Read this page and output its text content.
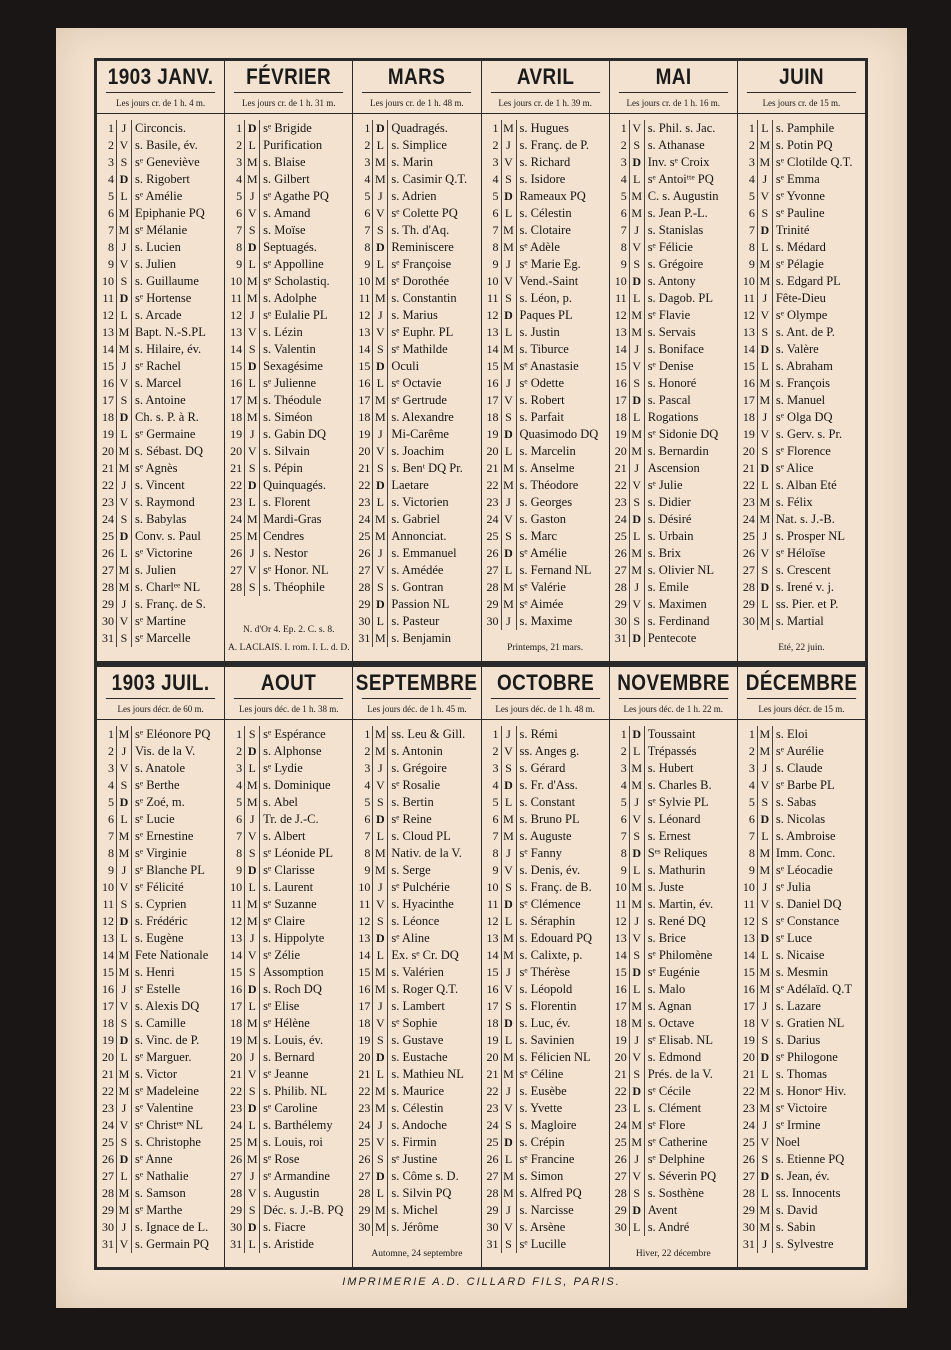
1903 JANV.
Les jours cr. de 1 h. 4 m.
1 J Circoncis.
2 V s. Basile, év.
3 S sᵉ Geneviève
4 D s. Rigobert
5 L sᵉ Amélie
6 M Epiphanie PQ
7 M sᵉ Mélanie
8 J s. Lucien
9 V s. Julien
10 S s. Guillaume
11 D sᵉ Hortense
12 L s. Arcade
13 M Bapt. N.-S.PL
14 M s. Hilaire, év.
15 J sᵉ Rachel
16 V s. Marcel
17 S s. Antoine
18 D Ch. s. P. à R.
19 L sᵉ Germaine
20 M s. Sébast. DQ
21 M sᵉ Agnès
22 J s. Vincent
23 V s. Raymond
24 S s. Babylas
25 D Conv. s. Paul
26 L sᵉ Victorine
27 M s. Julien
28 M s. Charlᵉᵉ NL
29 J s. Franç. de S.
30 V sᵉ Martine
31 S sᵉ Marcelle
FÉVRIER
Les jours cr. de 1 h. 31 m.
1 D sᵉ Brigide
2 L Purification
3 M s. Blaise
4 M s. Gilbert
5 J sᵉ Agathe PQ
6 V s. Amand
7 S s. Moïse
8 D Septuagés.
9 L sᵉ Appolline
10 M sᵉ Scholastiq.
11 M s. Adolphe
12 J sᵉ Eulalie PL
13 V s. Lézin
14 S s. Valentin
15 D Sexagésime
16 L sᵉ Julienne
17 M s. Théodule
18 M s. Siméon
19 J s. Gabin DQ
20 V s. Silvain
21 S s. Pépin
22 D Quinquagés.
23 L s. Florent
24 M Mardi-Gras
25 M Cendres
26 J s. Nestor
27 V sᵉ Honor. NL
28 S s. Théophile
N. d'Or 4. Ep. 2. C. s. 8.
A. LACLAIS. I. rom. I. L. d. D.
MARS
Les jours cr. de 1 h. 48 m.
1 D Quadragés.
2 L s. Simplice
3 M s. Marin
4 M s. Casimir Q.T.
5 J s. Adrien
6 V sᵉ Colette PQ
7 S s. Th. d'Aq.
8 D Reminiscere
9 L sᵉ Françoise
10 M sᵉ Dorothée
11 M s. Constantin
12 J s. Marius
13 V sᵉ Euphr. PL
14 S sᵉ Mathilde
15 D Oculi
16 L sᵉ Octavie
17 M sᵉ Gertrude
18 M s. Alexandre
19 J Mi-Carême
20 V s. Joachim
21 S s. Benᵗ DQ Pr.
22 D Laetare
23 L s. Victorien
24 M s. Gabriel
25 M Annonciat.
26 J s. Emmanuel
27 V s. Amédée
28 S s. Gontran
29 D Passion NL
30 L s. Pasteur
31 M s. Benjamin
AVRIL
Les jours cr. de 1 h. 39 m.
1 M s. Hugues
2 J s. Franç. de P.
3 V s. Richard
4 S s. Isidore
5 D Rameaux PQ
6 L s. Célestin
7 M s. Clotaire
8 M sᵉ Adèle
9 J sᵉ Marie Eg.
10 V Vend.-Saint
11 S s. Léon, p.
12 D Paques PL
13 L s. Justin
14 M s. Tiburce
15 M sᵉ Anastasie
16 J sᵉ Odette
17 V s. Robert
18 S s. Parfait
19 D Quasimodo DQ
20 L s. Marcelin
21 M s. Anselme
22 M s. Théodore
23 J s. Georges
24 V s. Gaston
25 S s. Marc
26 D sᵉ Amélie
27 L s. Fernand NL
28 M sᵉ Valérie
29 M sᵉ Aimée
30 J s. Maxime
Printemps, 21 mars.
MAI
Les jours cr. de 1 h. 16 m.
1 V s. Phil. s. Jac.
2 S s. Athanase
3 D Inv. sᵉ Croix
4 L sᵉ Antoiᵗᵗᵉ PQ
5 M C. s. Augustin
6 M s. Jean P.-L.
7 J s. Stanislas
8 V sᵉ Félicie
9 S s. Grégoire
10 D s. Antony
11 L s. Dagob. PL
12 M sᵉ Flavie
13 M s. Servais
14 J s. Boniface
15 V sᵉ Denise
16 S s. Honoré
17 D s. Pascal
18 L Rogations
19 M sᵉ Sidonie DQ
20 M s. Bernardin
21 J Ascension
22 V sᵉ Julie
23 S s. Didier
24 D s. Désiré
25 L s. Urbain
26 M s. Brix
27 M s. Olivier NL
28 J s. Emile
29 V s. Maximen
30 S s. Ferdinand
31 D Pentecote
JUIN
Les jours cr. de 15 m.
1 L s. Pamphile
2 M s. Potin PQ
3 M sᵉ Clotilde Q.T.
4 J sᵉ Emma
5 V sᵉ Yvonne
6 S sᵉ Pauline
7 D Trinité
8 L s. Médard
9 M sᵉ Pélagie
10 M s. Edgard PL
11 J Fête-Dieu
12 V sᵉ Olympe
13 S s. Ant. de P.
14 D s. Valère
15 L s. Abraham
16 M s. François
17 M s. Manuel
18 J sᵉ Olga DQ
19 V s. Gerv. s. Pr.
20 S sᵉ Florence
21 D sᵉ Alice
22 L s. Alban Eté
23 M s. Félix
24 M Nat. s. J.-B.
25 J s. Prosper NL
26 V sᵉ Héloïse
27 S s. Crescent
28 D s. Irené v. j.
29 L ss. Pier. et P.
30 M s. Martial
Été, 22 juin.
1903 JUIL.
Les jours décr. de 60 m.
1 M sᵉ Eléonore PQ
2 J Vis. de la V.
3 V s. Anatole
4 S sᵉ Berthe
5 D sᵉ Zoé, m.
6 L sᵉ Lucie
7 M sᵉ Ernestine
8 M sᵉ Virginie
9 J sᵉ Blanche PL
10 V sᵉ Félicité
11 S s. Cyprien
12 D s. Frédéric
13 L s. Eugène
14 M Fete Nationale
15 M s. Henri
16 J sᵉ Estelle
17 V s. Alexis DQ
18 S s. Camille
19 D s. Vinc. de P.
20 L sᵉ Marguer.
21 M s. Victor
22 M sᵉ Madeleine
23 J sᵉ Valentine
24 V sᵉ Christᵉᵉ NL
25 S s. Christophe
26 D sᵉ Anne
27 L sᵉ Nathalie
28 M s. Samson
29 M sᵉ Marthe
30 J s. Ignace de L.
31 V s. Germain PQ
AOUT
Les jours déc. de 1 h. 38 m.
1 S sᵉ Espérance
2 D s. Alphonse
3 L sᵉ Lydie
4 M s. Dominique
5 M s. Abel
6 J Tr. de J.-C.
7 V s. Albert
8 S sᵉ Léonide PL
9 D sᵉ Clarisse
10 L s. Laurent
11 M sᵉ Suzanne
12 M sᵉ Claire
13 J s. Hippolyte
14 V sᵉ Zélie
15 S Assomption
16 D s. Roch DQ
17 L sᵉ Elise
18 M sᵉ Hélène
19 M s. Louis, év.
20 J s. Bernard
21 V sᵉ Jeanne
22 S s. Philib. NL
23 D sᵉ Caroline
24 L s. Barthélemy
25 M s. Louis, roi
26 M sᵉ Rose
27 J sᵉ Armandine
28 V s. Augustin
29 S Déc. s. J.-B. PQ
30 D s. Fiacre
31 L s. Aristide
SEPTEMBRE
Les jours déc. de 1 h. 45 m.
1 M ss. Leu & Gill.
2 M s. Antonin
3 J s. Grégoire
4 V sᵉ Rosalie
5 S s. Bertin
6 D sᵉ Reine
7 L s. Cloud PL
8 M Nativ. de la V.
9 M s. Serge
10 J sᵉ Pulchérie
11 V s. Hyacinthe
12 S s. Léonce
13 D sᵉ Aline
14 L Ex. sᵉ Cr. DQ
15 M s. Valérien
16 M s. Roger Q.T.
17 J s. Lambert
18 V sᵉ Sophie
19 S s. Gustave
20 D s. Eustache
21 L s. Mathieu NL
22 M s. Maurice
23 M s. Célestin
24 J s. Andoche
25 V s. Firmin
26 S sᵉ Justine
27 D s. Côme s. D.
28 L s. Silvin PQ
29 M s. Michel
30 M s. Jérôme
Automne, 24 septembre
OCTOBRE
Les jours déc. de 1 h. 48 m.
1 J s. Rémi
2 V ss. Anges g.
3 S s. Gérard
4 D s. Fr. d'Ass.
5 L s. Constant
6 M s. Bruno PL
7 M s. Auguste
8 J sᵉ Fanny
9 V s. Denis, év.
10 S s. Franç. de B.
11 D sᵉ Clémence
12 L s. Séraphin
13 M s. Edouard PQ
14 M s. Calixte, p.
15 J sᵉ Thérèse
16 V s. Léopold
17 S s. Florentin
18 D s. Luc, év.
19 L s. Savinien
20 M s. Félicien NL
21 M sᵉ Céline
22 J s. Eusèbe
23 V s. Yvette
24 S s. Magloire
25 D s. Crépin
26 L sᵉ Francine
27 M s. Simon
28 M s. Alfred PQ
29 J s. Narcisse
30 V s. Arsène
31 S sᵉ Lucille
NOVEMBRE
Les jours déc. de 1 h. 22 m.
1 D Toussaint
2 L Trépassés
3 M s. Hubert
4 M s. Charles B.
5 J sᵉ Sylvie PL
6 V s. Léonard
7 S s. Ernest
8 D Sᵉˢ Reliques
9 L s. Mathurin
10 M s. Juste
11 M s. Martin, év.
12 J s. René DQ
13 V s. Brice
14 S sᵉ Philomène
15 D sᵉ Eugénie
16 L s. Malo
17 M s. Agnan
18 M s. Octave
19 J sᵉ Elisab. NL
20 V s. Edmond
21 S Prés. de la V.
22 D sᵉ Cécile
23 L s. Clément
24 M sᵉ Flore
25 M sᵉ Catherine
26 J sᵉ Delphine
27 V s. Séverin PQ
28 S s. Sosthène
29 D Avent
30 L s. André
Hiver, 22 décembre
DÉCEMBRE
Les jours décr. de 15 m.
1 M s. Eloi
2 M sᵉ Aurélie
3 J s. Claude
4 V sᵉ Barbe PL
5 S s. Sabas
6 D s. Nicolas
7 L s. Ambroise
8 M Imm. Conc.
9 M sᵉ Léocadie
10 J sᵉ Julia
11 V s. Daniel DQ
12 S sᵉ Constance
13 D sᵉ Luce
14 L s. Nicaise
15 M s. Mesmin
16 M sᵉ Adélaïd. Q.T
17 J s. Lazare
18 V s. Gratien NL
19 S s. Darius
20 D sᵉ Philogone
21 L s. Thomas
22 M s. Honorᵉ Hiv.
23 M sᵉ Victoire
24 J sᵉ Irmine
25 V Noel
26 S s. Etienne PQ
27 D s. Jean, év.
28 L ss. Innocents
29 M s. David
30 M s. Sabin
31 J s. Sylvestre
IMPRIMERIE A.D. CILLARD FILS, PARIS.
